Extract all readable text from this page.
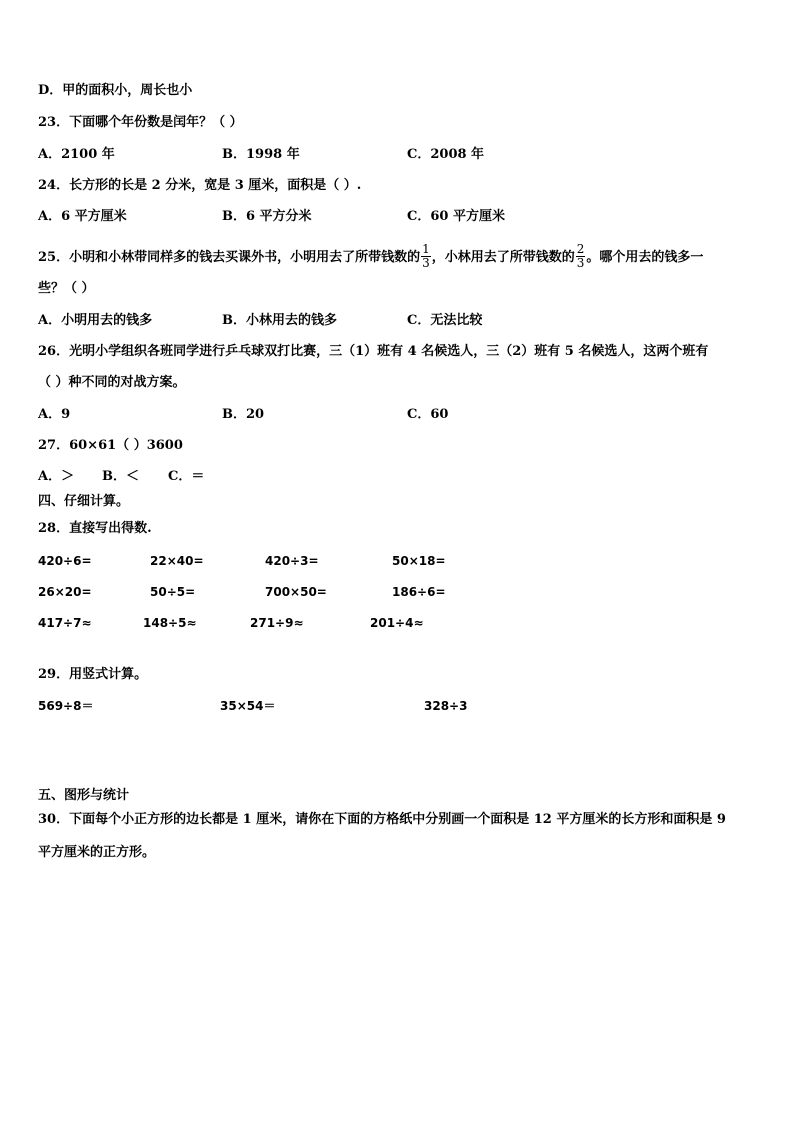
D．甲的面积小，周长也小
23．下面哪个年份数是闰年？（ ）
A．2100 年	B．1998 年	C．2008 年
24．长方形的长是 2 分米，宽是 3 厘米，面积是（ ）.
A．6 平方厘米	B．6 平方分米	C．60 平方厘米
25．小明和小林带同样多的钱去买课外书，小明用去了所带钱数的 $\frac{1}{3}$ ，小林用去了所带钱数的 $\frac{2}{3}$ 。哪个用去的钱多一
些？（ ）
A．小明用去的钱多	B．小林用去的钱多	C．无法比较
26．光明小学组织各班同学进行乒乓球双打比赛，三（1）班有 4 名候选人，三（2）班有 5 名候选人，这两个班有
（ ）种不同的对战方案。
A．9	B．20	C．60
27．60×61（ ）3600
A．＞ B．＜ C．＝
四、仔细计算。
28．直接写出得数.
420÷6=	22×40=	420÷3=	50×18=
26×20=	50÷5=	700×50=	186÷6=
417÷7≈	148÷5≈	271÷9≈	201÷4≈
29．用竖式计算。
569÷8＝	35×54＝	328÷3
五、图形与统计
30．下面每个小正方形的边长都是 1 厘米，请你在下面的方格纸中分别画一个面积是 12 平方厘米的长方形和面积是 9
平方厘米的正方形。
